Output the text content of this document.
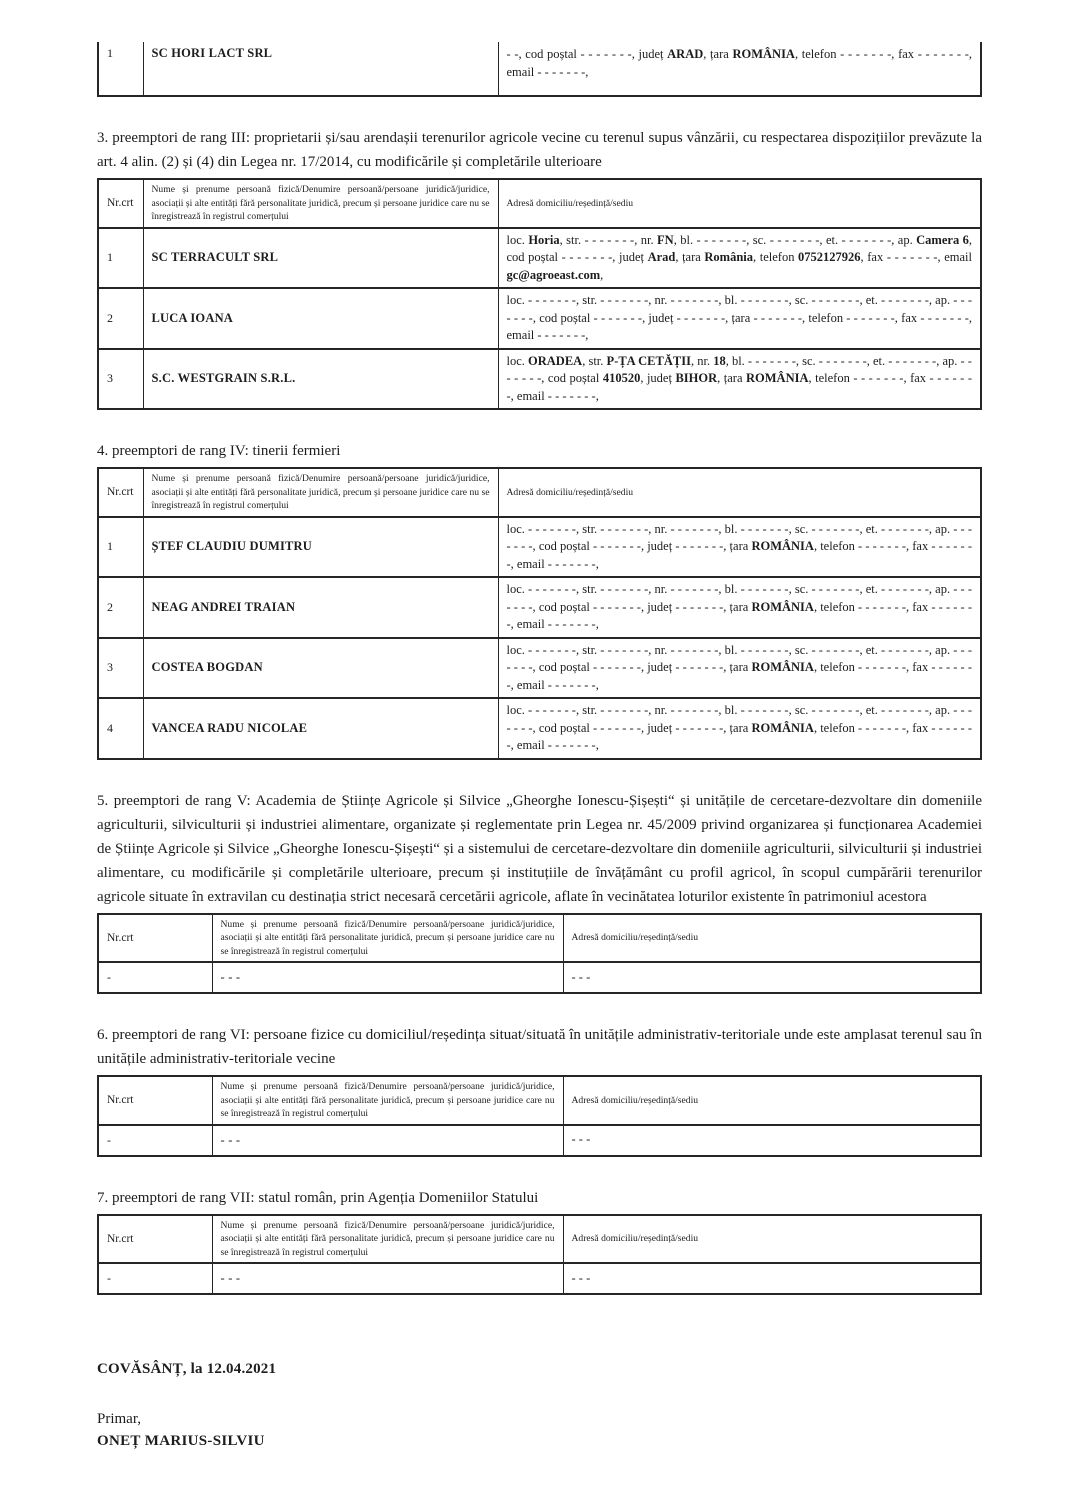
1	SC HORI LACT SRL	- -, cod poștal - - - - - - -, județ ARAD, țara ROMÂNIA, telefon - - - - - - -, fax - - - - - - -, email - - - - - - -,

3. preemptori de rang III: proprietarii și/sau arendașii terenurilor agricole vecine cu terenul supus vânzării, cu respectarea dispozițiilor prevăzute la art. 4 alin. (2) și (4) din Legea nr. 17/2014, cu modificările și completările ulterioare

Nr.crt	Nume și prenume persoană fizică/Denumire persoană/persoane juridică/juridice, asociații și alte entități fără personalitate juridică, precum și persoane juridice care nu se înregistrează în registrul comerțului	Adresă domiciliu/reședință/sediu
1	SC TERRACULT SRL	loc. Horia, str. - - - - - - -, nr. FN, bl. - - - - - - -, sc. - - - - - - -, et. - - - - - - -, ap. Camera 6, cod poștal - - - - - - -, județ Arad, țara România, telefon 0752127926, fax - - - - - - -, email gc@agroeast.com,
2	LUCA IOANA	loc. - - - - - - -, str. - - - - - - -, nr. - - - - - - -, bl. - - - - - - -, sc. - - - - - - -, et. - - - - - - -, ap. - - - - - - -, cod poștal - - - - - - -, județ - - - - - - -, țara - - - - - - -, telefon - - - - - - -, fax - - - - - - -, email - - - - - - -,
3	S.C. WESTGRAIN S.R.L.	loc. ORADEA, str. P-ȚA CETĂȚII, nr. 18, bl. - - - - - - -, sc. - - - - - - -, et. - - - - - - -, ap. - - - - - - -, cod poștal 410520, județ BIHOR, țara ROMÂNIA, telefon - - - - - - -, fax - - - - - - -, email - - - - - - -,

4. preemptori de rang IV: tinerii fermieri

Nr.crt	Nume și prenume persoană fizică/Denumire persoană/persoane juridică/juridice, asociații și alte entități fără personalitate juridică, precum și persoane juridice care nu se înregistrează în registrul comerțului	Adresă domiciliu/reședință/sediu
1	ȘTEF CLAUDIU DUMITRU	loc. - - - - - - -, str. - - - - - - -, nr. - - - - - - -, bl. - - - - - - -, sc. - - - - - - -, et. - - - - - - -, ap. - - - - - - -, cod poștal - - - - - - -, județ - - - - - - -, țara ROMÂNIA, telefon - - - - - - -, fax - - - - - - -, email - - - - - - -,
2	NEAG ANDREI TRAIAN	loc. - - - - - - -, str. - - - - - - -, nr. - - - - - - -, bl. - - - - - - -, sc. - - - - - - -, et. - - - - - - -, ap. - - - - - - -, cod poștal - - - - - - -, județ - - - - - - -, țara ROMÂNIA, telefon - - - - - - -, fax - - - - - - -, email - - - - - - -,
3	COSTEA BOGDAN	loc. - - - - - - -, str. - - - - - - -, nr. - - - - - - -, bl. - - - - - - -, sc. - - - - - - -, et. - - - - - - -, ap. - - - - - - -, cod poștal - - - - - - -, județ - - - - - - -, țara ROMÂNIA, telefon - - - - - - -, fax - - - - - - -, email - - - - - - -,
4	VANCEA RADU NICOLAE	loc. - - - - - - -, str. - - - - - - -, nr. - - - - - - -, bl. - - - - - - -, sc. - - - - - - -, et. - - - - - - -, ap. - - - - - - -, cod poștal - - - - - - -, județ - - - - - - -, țara ROMÂNIA, telefon - - - - - - -, fax - - - - - - -, email - - - - - - -,

5. preemptori de rang V: Academia de Științe Agricole și Silvice „Gheorghe Ionescu-Șișești“ și unitățile de cercetare-dezvoltare din domeniile agriculturii, silviculturii și industriei alimentare, organizate și reglementate prin Legea nr. 45/2009 privind organizarea și funcționarea Academiei de Științe Agricole și Silvice „Gheorghe Ionescu-Șișești“ și a sistemului de cercetare-dezvoltare din domeniile agriculturii, silviculturii și industriei alimentare, cu modificările și completările ulterioare, precum și instituțiile de învățământ cu profil agricol, în scopul cumpărării terenurilor agricole situate în extravilan cu destinația strict necesară cercetării agricole, aflate în vecinătatea loturilor existente în patrimoniul acestora

Nr.crt	Nume și prenume persoană fizică/Denumire persoană/persoane juridică/juridice, asociații și alte entități fără personalitate juridică, precum și persoane juridice care nu se înregistrează în registrul comerțului	Adresă domiciliu/reședință/sediu
-	- - -	- - -

6. preemptori de rang VI: persoane fizice cu domiciliul/reședința situat/situată în unitățile administrativ-teritoriale unde este amplasat terenul sau în unitățile administrativ-teritoriale vecine

Nr.crt	Nume și prenume persoană fizică/Denumire persoană/persoane juridică/juridice, asociații și alte entități fără personalitate juridică, precum și persoane juridice care nu se înregistrează în registrul comerțului	Adresă domiciliu/reședință/sediu
-	- - -	- - -

7. preemptori de rang VII: statul român, prin Agenția Domeniilor Statului

Nr.crt	Nume și prenume persoană fizică/Denumire persoană/persoane juridică/juridice, asociații și alte entități fără personalitate juridică, precum și persoane juridice care nu se înregistrează în registrul comerțului	Adresă domiciliu/reședință/sediu
-	- - -	- - -

COVĂSÂNȚ, la 12.04.2021

Primar,

ONEȚ MARIUS-SILVIU
